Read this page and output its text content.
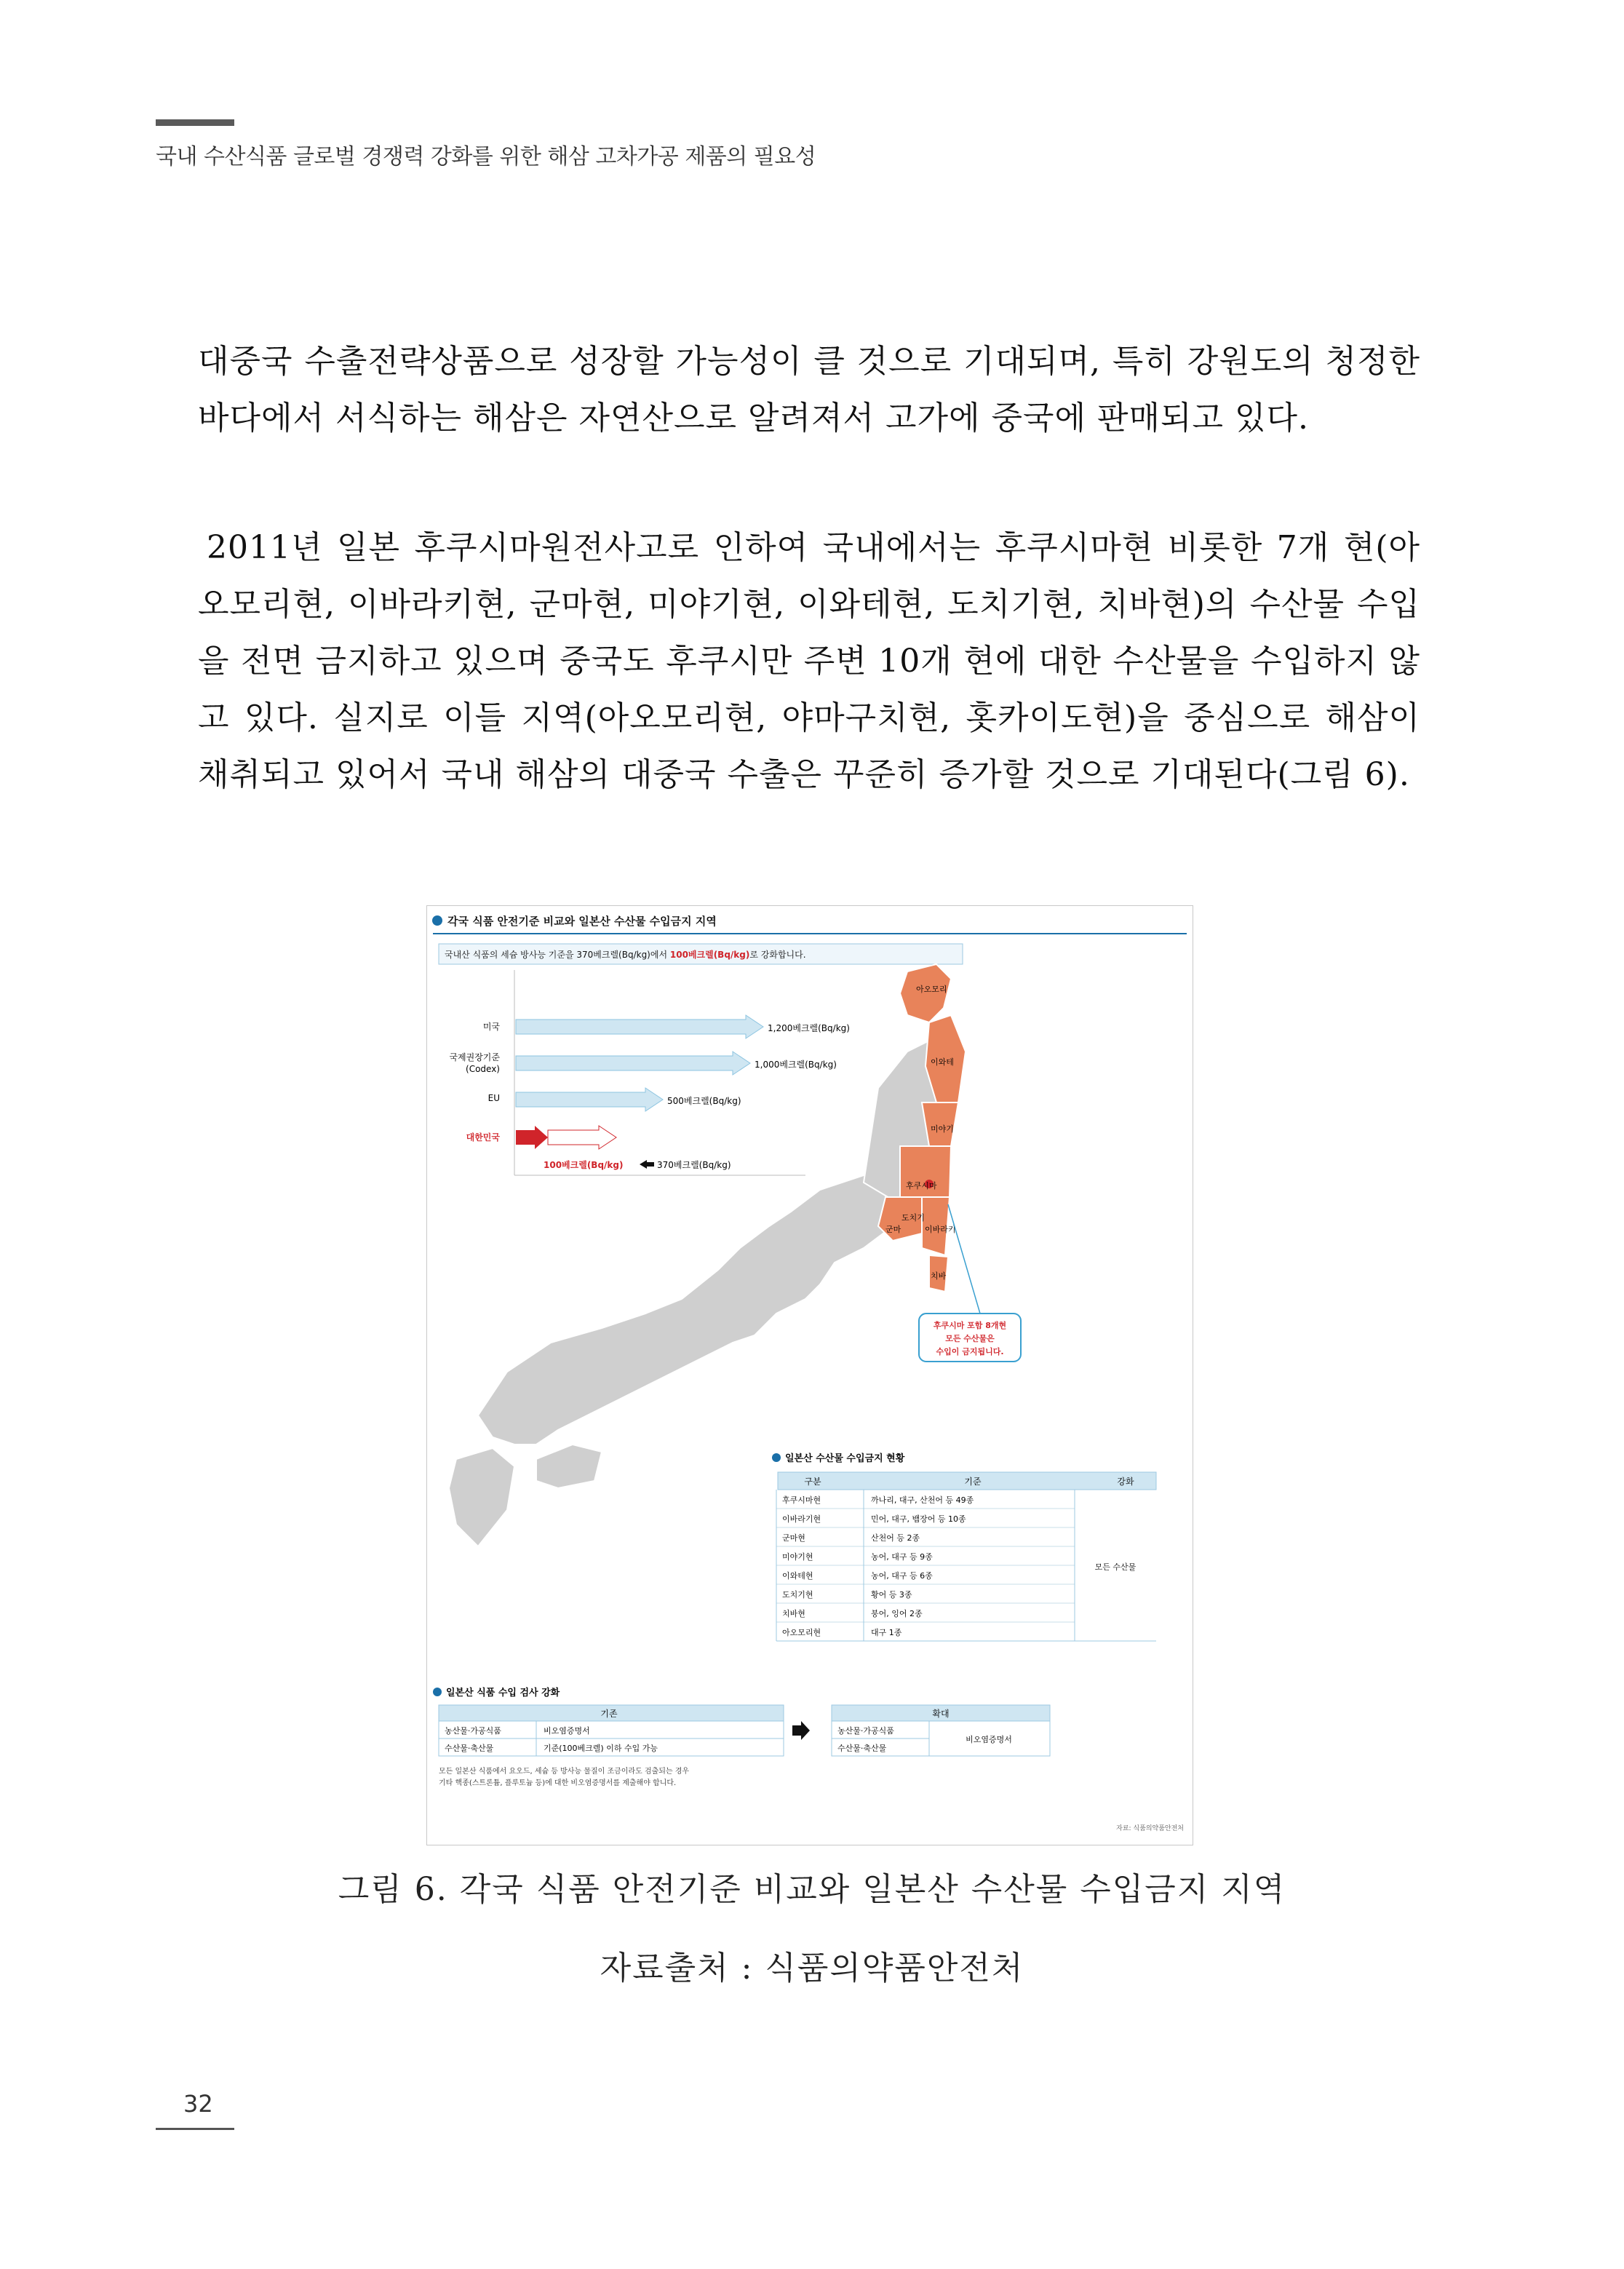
국내 수산식품 글로벌 경쟁력 강화를 위한 해삼 고차가공 제품의 필요성
대중국 수출전략상품으로 성장할 가능성이 클 것으로 기대되며, 특히 강원도의 청정한 바다에서 서식하는 해삼은 자연산으로 알려져서 고가에 중국에 판매되고 있다.
2011년 일본 후쿠시마원전사고로 인하여 국내에서는 후쿠시마현 비롯한 7개 현(아오모리현, 이바라키현, 군마현, 미야기현, 이와테현, 도치기현, 치바현)의 수산물 수입을 전면 금지하고 있으며 중국도 후쿠시만 주변 10개 현에 대한 수산물을 수입하지 않고 있다. 실지로 이들 지역(아오모리현, 야마구치현, 홋카이도현)을 중심으로 해삼이 채취되고 있어서 국내 해삼의 대중국 수출은 꾸준히 증가할 것으로 기대된다(그림 6).
각국 식품 안전기준 비교와 일본산 수산물 수입금지 지역
국내산 식품의 세슘 방사능 기준을 370베크렐(Bq/kg)에서 100베크렐(Bq/kg)로 강화합니다.
미국	1,200베크렐(Bq/kg)
국제권장기준
(Codex)	1,000베크렐(Bq/kg)
EU	500베크렐(Bq/kg)
대한민국
100베크렐(Bq/kg)	370베크렐(Bq/kg)
아오모리
이와테
미야기
후쿠시마
도치기
군마	이바라키
치바
후쿠시마 포함 8개현
모든 수산물은
수입이 금지됩니다.
일본산 수산물 수입금지 현황
구분	기준	강화
후쿠시마현	까나리, 대구, 산천어 등 49종
이바라기현	민어, 대구, 뱀장어 등 10종
군마현	산천어 등 2종
미야기현	농어, 대구 등 9종
이와테현	농어, 대구 등 6종
도치기현	황어 등 3종
치바현	붕어, 잉어 2종
아오모리현	대구 1종
모든 수산물
일본산 식품 수입 검사 강화
기존
농산물·가공식품	비오염증명서
수산물·축산물	기준(100베크렐) 이하 수입 가능
확대
농산물·가공식품
수산물·축산물
비오염증명서
모든 일본산 식품에서 요오드, 세슘 등 방사능 물질이 조금이라도 검출되는 경우
기타 핵종(스트론튬, 플루토늄 등)에 대한 비오염증명서를 제출해야 합니다.
자료: 식품의약품안전처
그림 6. 각국 식품 안전기준 비교와 일본산 수산물 수입금지 지역
자료출처 : 식품의약품안전처
32
